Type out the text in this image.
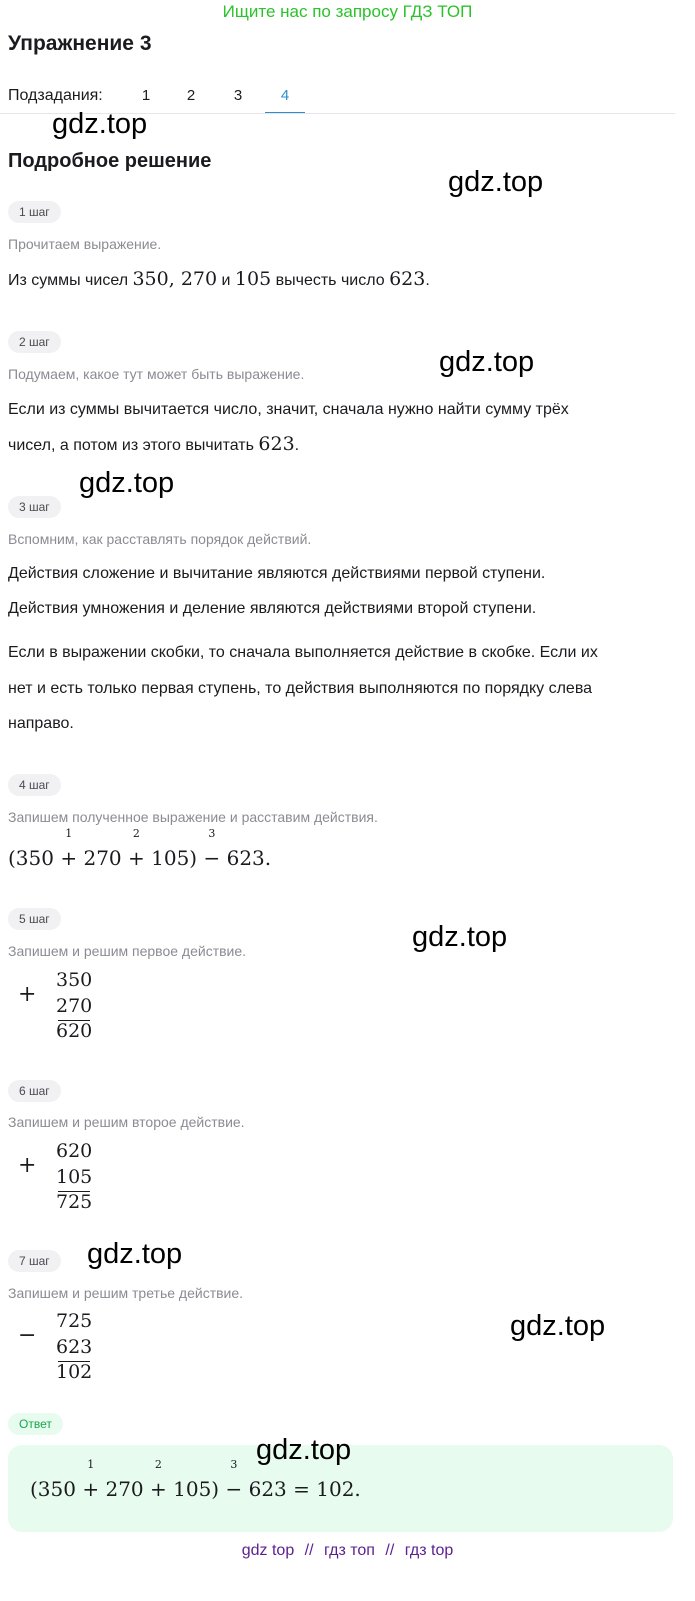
Ищите нас по запросу ГДЗ ТОП
Упражнение 3
Подзадания:	1	2	3	4
Подробное решение
1 шаг
Прочитаем выражение.
Из суммы чисел 350, 270 и 105 вычесть число 623.
2 шаг
Подумаем, какое тут может быть выражение.
Если из суммы вычитается число, значит, сначала нужно найти сумму трёх
чисел, а потом из этого вычитать 623.
3 шаг
Вспомним, как расставлять порядок действий.
Действия сложение и вычитание являются действиями первой ступени.
Действия умножения и деление являются действиями второй ступени.
Если в выражении скобки, то сначала выполняется действие в скобке. Если их
нет и есть только первая ступень, то действия выполняются по порядку слева
направо.
4 шаг
Запишем полученное выражение и расставим действия.
(350
1
+ 270
2
+ 105)
3
− 623.
5 шаг
Запишем и решим первое действие.
+
350
270
620
6 шаг
Запишем и решим второе действие.
+
620
105
725
7 шаг
Запишем и решим третье действие.
−
725
623
102
Ответ
(350
1
+ 270
2
+ 105)
3
− 623 = 102.
gdz.top
gdz.top
gdz.top
gdz.top
gdz.top
gdz.top
gdz.top
gdz.top
gdz top // гдз топ // гдз top
